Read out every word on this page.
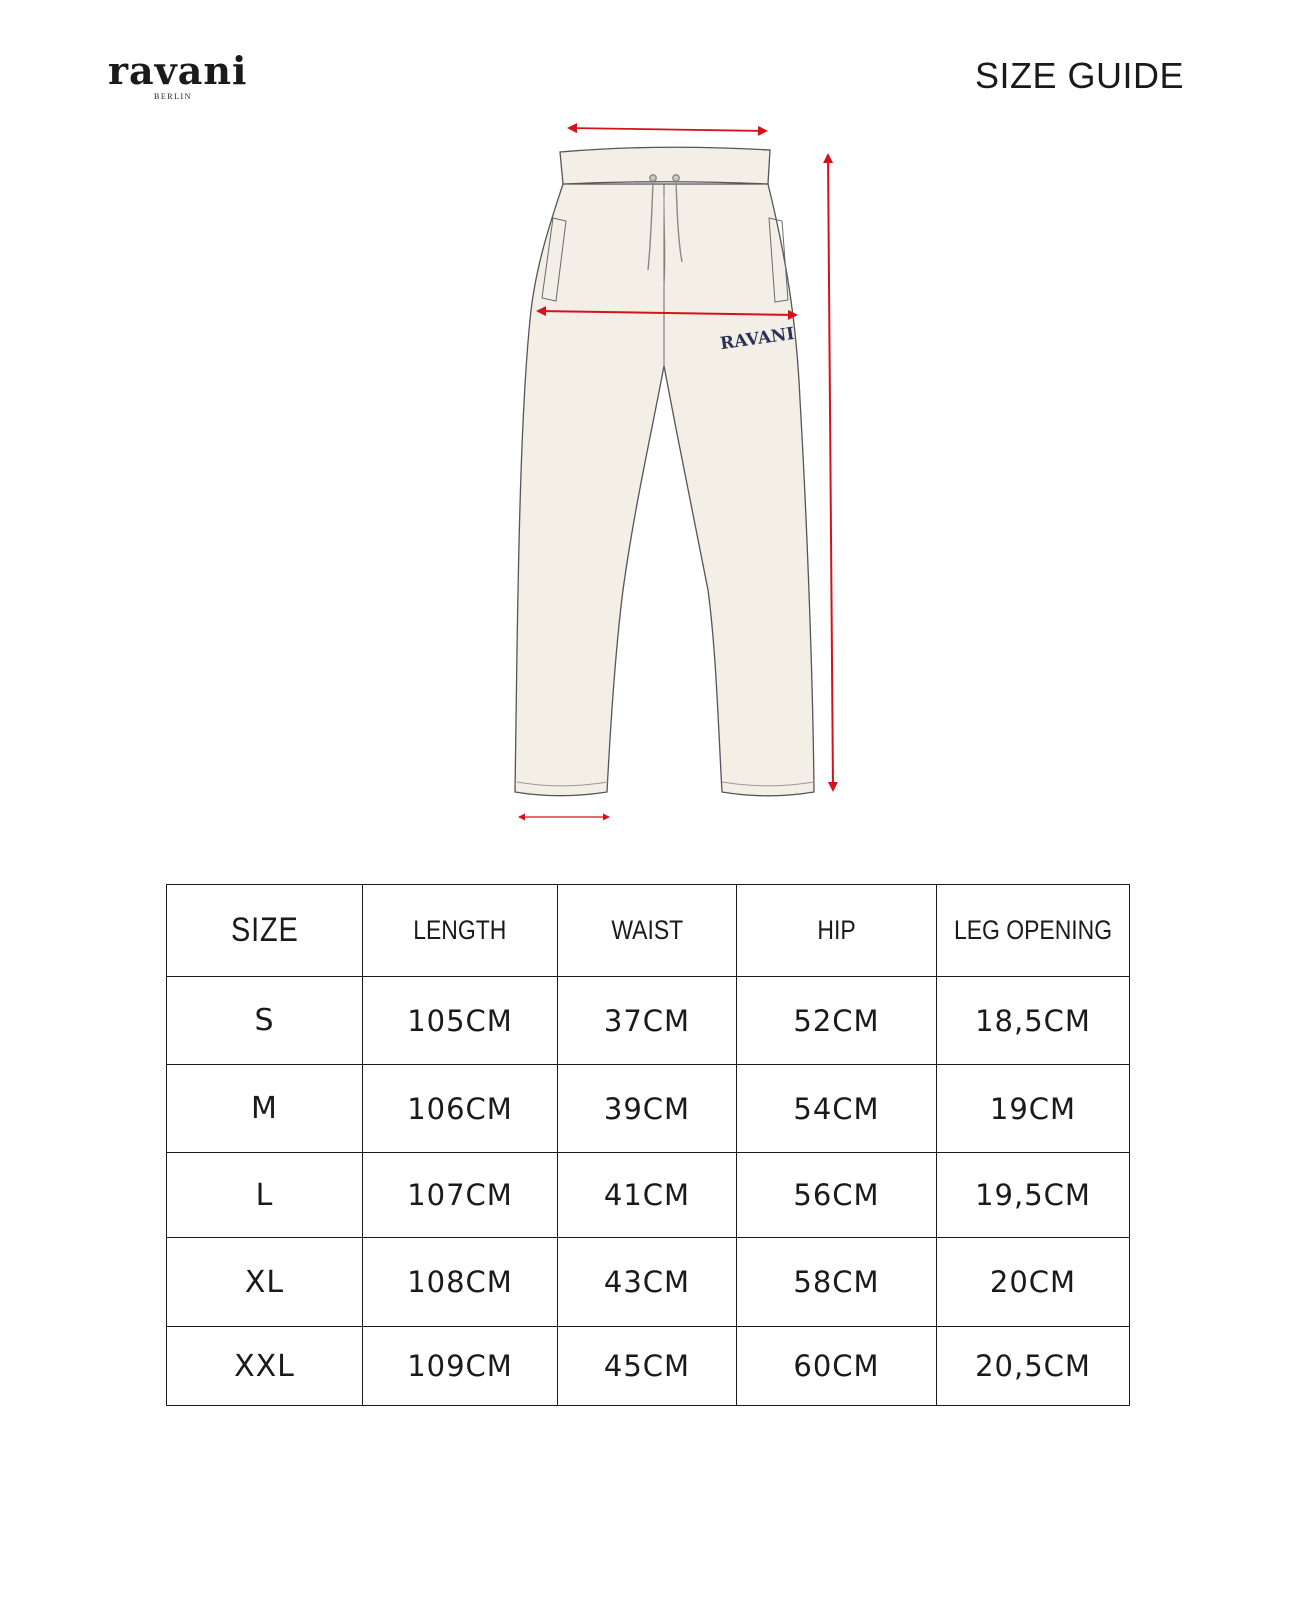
ravani
BERLIN
SIZE GUIDE
RAVANI
SIZE	LENGTH	WAIST	HIP	LEG OPENING
S	105CM	37CM	52CM	18,5CM
M	106CM	39CM	54CM	19CM
L	107CM	41CM	56CM	19,5CM
XL	108CM	43CM	58CM	20CM
XXL	109CM	45CM	60CM	20,5CM
